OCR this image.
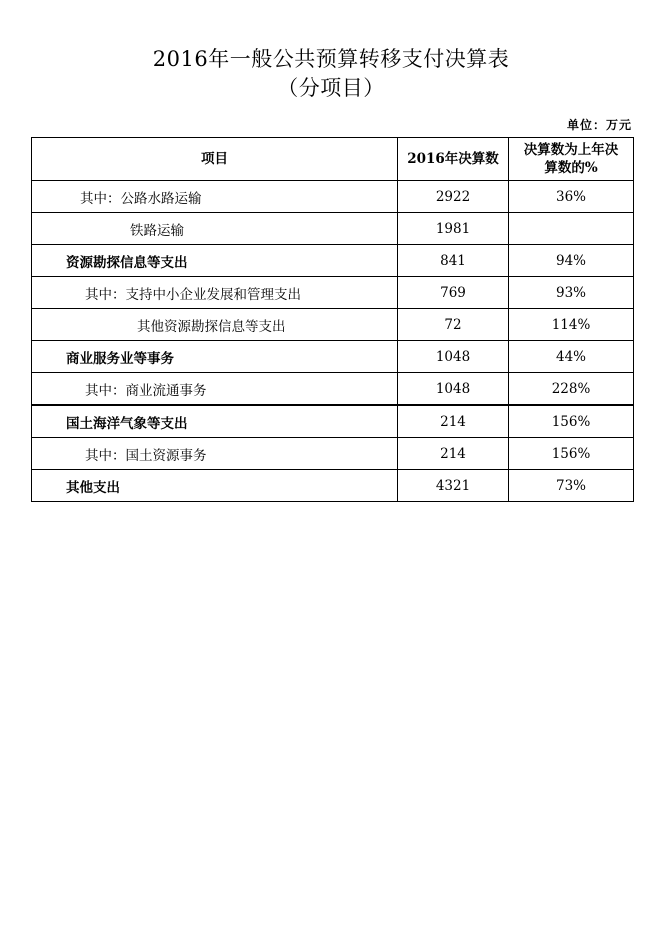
2016年一般公共预算转移支付决算表
（分项目）
单位：万元
项目	2016年决算数	决算数为上年决
算数的%
其中：公路水路运输	2922	36%
铁路运输	1981	
资源勘探信息等支出	841	94%
其中：支持中小企业发展和管理支出	769	93%
其他资源勘探信息等支出	72	114%
商业服务业等事务	1048	44%
其中：商业流通事务	1048	228%
国土海洋气象等支出	214	156%
其中：国土资源事务	214	156%
其他支出	4321	73%
